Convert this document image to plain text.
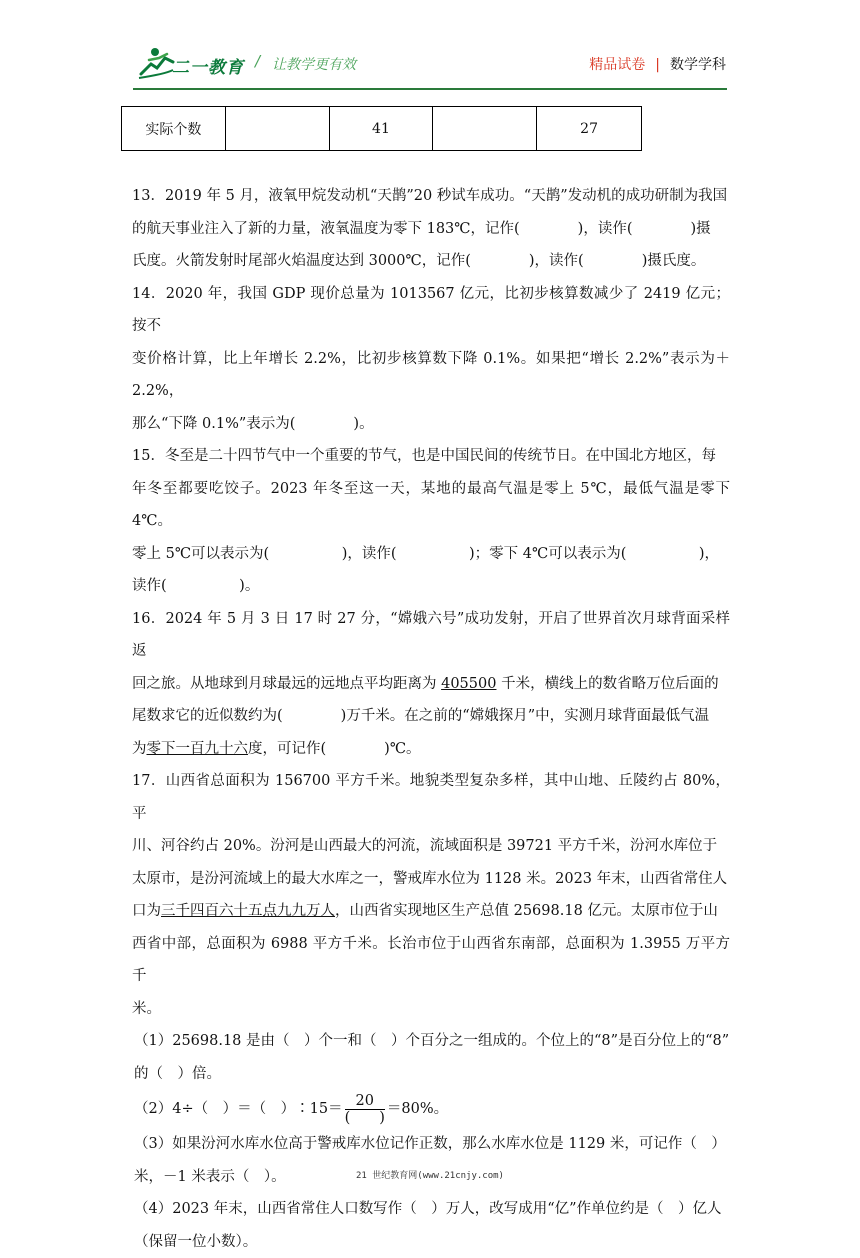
二一教育 / 让教学更有效	精品试卷 | 数学学科
实际个数		41		27

13．2019 年 5 月，液氧甲烷发动机“天鹊”20 秒试车成功。“天鹊”发动机的成功研制为我国

的航天事业注入了新的力量，液氧温度为零下 183℃，记作(　　　　)，读作(　　　　)摄

氏度。火箭发射时尾部火焰温度达到 3000℃，记作(　　　　)，读作(　　　　)摄氏度。

14．2020 年，我国 GDP 现价总量为 1013567 亿元，比初步核算数减少了 2419 亿元；按不

变价格计算，比上年增长 2.2%，比初步核算数下降 0.1%。如果把“增长 2.2%”表示为＋2.2%，

那么“下降 0.1%”表示为(　　　　)。

15．冬至是二十四节气中一个重要的节气，也是中国民间的传统节日。在中国北方地区，每

年冬至都要吃饺子。2023 年冬至这一天，某地的最高气温是零上 5℃，最低气温是零下 4℃。

零上 5℃可以表示为(　　　　　)，读作(　　　　　)；零下 4℃可以表示为(　　　　　)，

读作(　　　　　)。

16．2024 年 5 月 3 日 17 时 27 分，“嫦娥六号”成功发射，开启了世界首次月球背面采样返

回之旅。从地球到月球最远的远地点平均距离为 405500 千米，横线上的数省略万位后面的

尾数求它的近似数约为(　　　　)万千米。在之前的“嫦娥探月”中，实测月球背面最低气温

为零下一百九十六度，可记作(　　　　)℃。

17．山西省总面积为 156700 平方千米。地貌类型复杂多样，其中山地、丘陵约占 80%，平

川、河谷约占 20%。汾河是山西最大的河流，流域面积是 39721 平方千米，汾河水库位于

太原市，是汾河流域上的最大水库之一，警戒库水位为 1128 米。2023 年末，山西省常住人

口为三千四百六十五点九九万人，山西省实现地区生产总值 25698.18 亿元。太原市位于山

西省中部，总面积为 6988 平方千米。长治市位于山西省东南部，总面积为 1.3955 万平方千

米。

（1）25698.18 是由（　）个一和（　）个百分之一组成的。个位上的“8”是百分位上的“8”

的（　）倍。

（2）4÷（　）＝（　）∶15＝ $\frac{20}{( )} =80\%$。

（3）如果汾河水库水位高于警戒库水位记作正数，那么水库水位是 1129 米，可记作（　）

米，－1 米表示（　）。

（4）2023 年末，山西省常住人口数写作（　）万人，改写成用“亿”作单位约是（　）亿人

（保留一位小数）。

21 世纪教育网(www.21cnjy.com)
